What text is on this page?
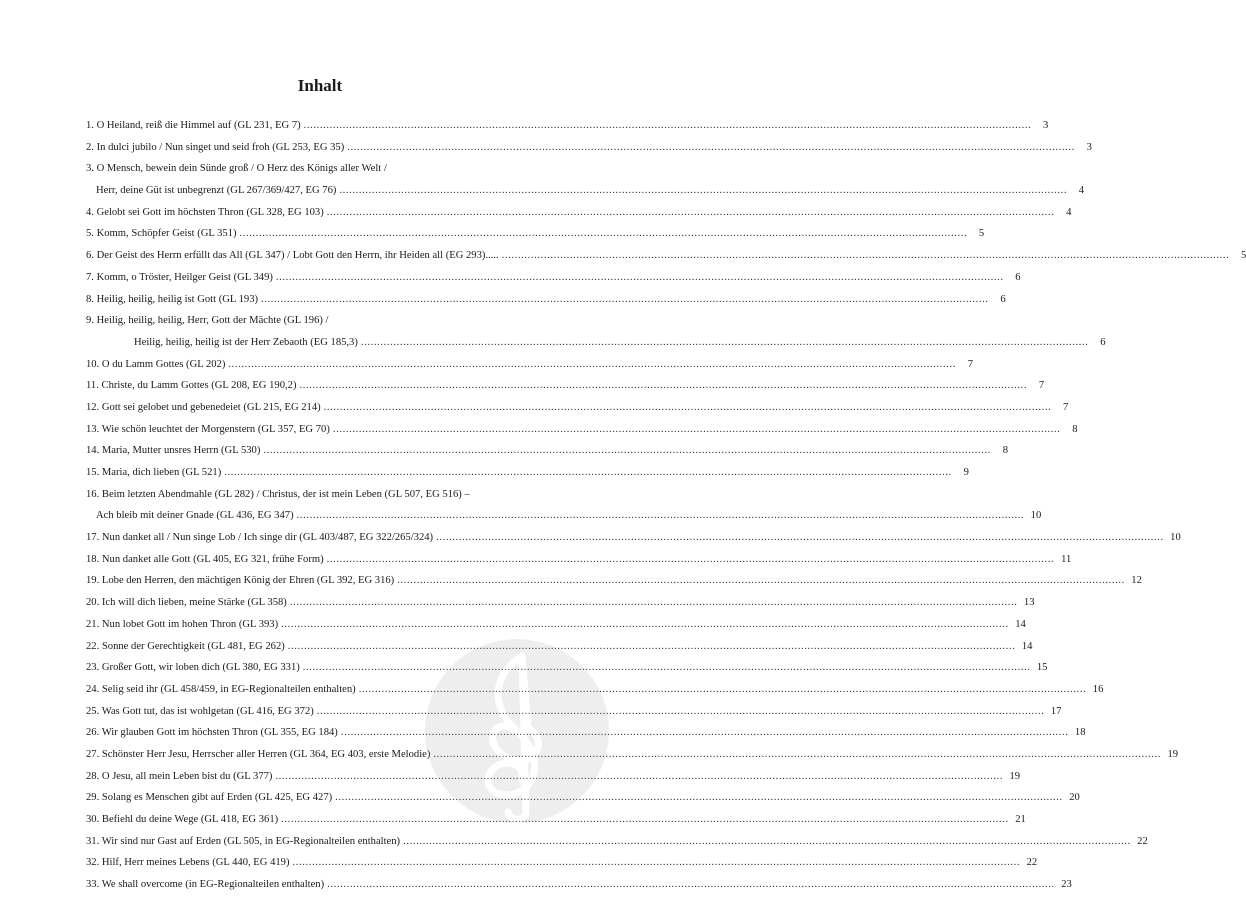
Inhalt
1. O Heiland, reiß die Himmel auf (GL 231, EG 7) .....	3
2. In dulci jubilo / Nun singet und seid froh (GL 253, EG 35) .....	3
3. O Mensch, bewein dein Sünde groß / O Herz des Königs aller Welt /
Herr, deine Güt ist unbegrenzt (GL 267/369/427, EG 76) .....	4
4. Gelobt sei Gott im höchsten Thron (GL 328, EG 103) .....	4
5. Komm, Schöpfer Geist (GL 351) .....	5
6. Der Geist des Herrn erfüllt das All (GL 347) / Lobt Gott den Herrn, ihr Heiden all (EG 293)..... .....	5
7. Komm, o Tröster, Heilger Geist (GL 349) .....	6
8. Heilig, heilig, heilig ist Gott (GL 193) .....	6
9. Heilig, heilig, heilig, Herr, Gott der Mächte (GL 196) /
Heilig, heilig, heilig ist der Herr Zebaoth (EG 185,3) .....	6
10. O du Lamm Gottes (GL 202) .....	7
11. Christe, du Lamm Gottes (GL 208, EG 190,2) .....	7
12. Gott sei gelobet und gebenedeiet (GL 215, EG 214) .....	7
13. Wie schön leuchtet der Morgenstern (GL 357, EG 70) .....	8
14. Maria, Mutter unsres Herrn (GL 530) .....	8
15. Maria, dich lieben (GL 521) .....	9
16. Beim letzten Abendmahle (GL 282) / Christus, der ist mein Leben (GL 507, EG 516) –
Ach bleib mit deiner Gnade (GL 436, EG 347) .....	10
17. Nun danket all / Nun singe Lob / Ich singe dir (GL 403/487, EG 322/265/324) .....	10
18. Nun danket alle Gott (GL 405, EG 321, frühe Form) .....	11
19. Lobe den Herren, den mächtigen König der Ehren (GL 392, EG 316) .....	12
20. Ich will dich lieben, meine Stärke (GL 358) .....	13
21. Nun lobet Gott im hohen Thron (GL 393) .....	14
22. Sonne der Gerechtigkeit (GL 481, EG 262) .....	14
23. Großer Gott, wir loben dich (GL 380, EG 331) .....	15
24. Selig seid ihr (GL 458/459, in EG-Regionalteilen enthalten) .....	16
25. Was Gott tut, das ist wohlgetan (GL 416, EG 372) .....	17
26. Wir glauben Gott im höchsten Thron (GL 355, EG 184) .....	18
27. Schönster Herr Jesu, Herrscher aller Herren (GL 364, EG 403, erste Melodie) .....	19
28. O Jesu, all mein Leben bist du (GL 377) .....	19
29. Solang es Menschen gibt auf Erden (GL 425, EG 427) .....	20
30. Befiehl du deine Wege (GL 418, EG 361) .....	21
31. Wir sind nur Gast auf Erden (GL 505, in EG-Regionalteilen enthalten) .....	22
32. Hilf, Herr meines Lebens (GL 440, EG 419) .....	22
33. We shall overcome (in EG-Regionalteilen enthalten) .....	23
